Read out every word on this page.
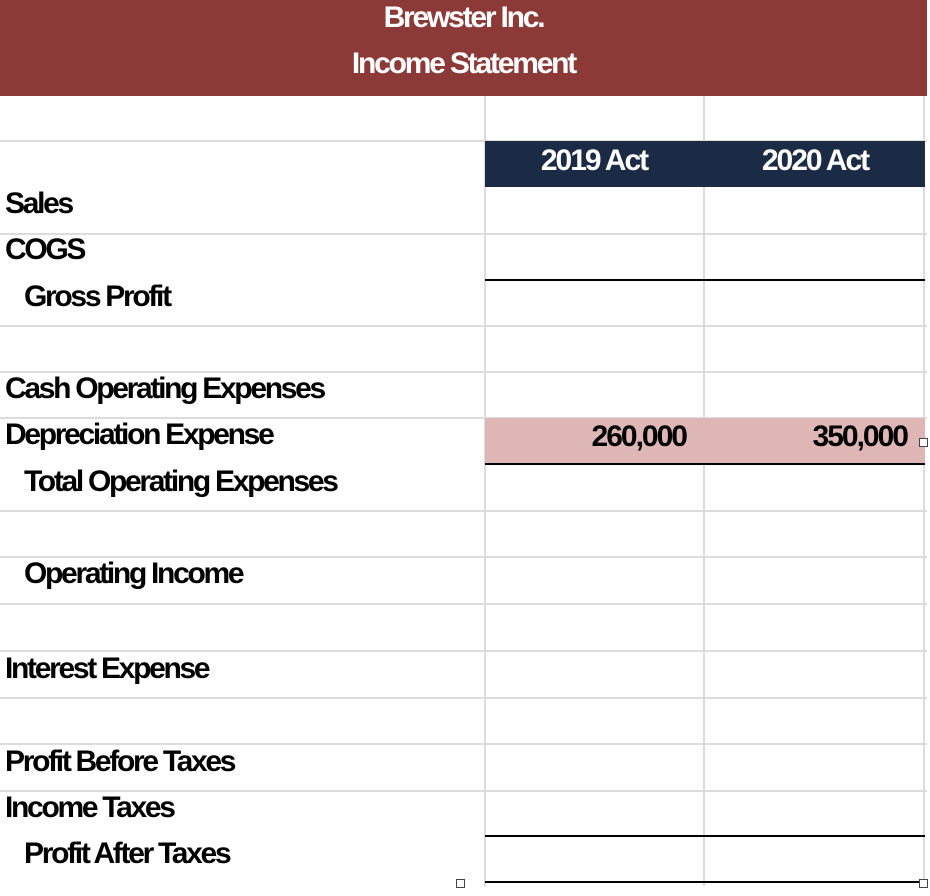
Brewster Inc.
Income Statement
2019 Act	2020 Act
Sales
COGS
Gross Profit
Cash Operating Expenses
Depreciation Expense
Total Operating Expenses
Operating Income
Interest Expense
Profit Before Taxes
Income Taxes
Profit After Taxes
260,000	350,000
